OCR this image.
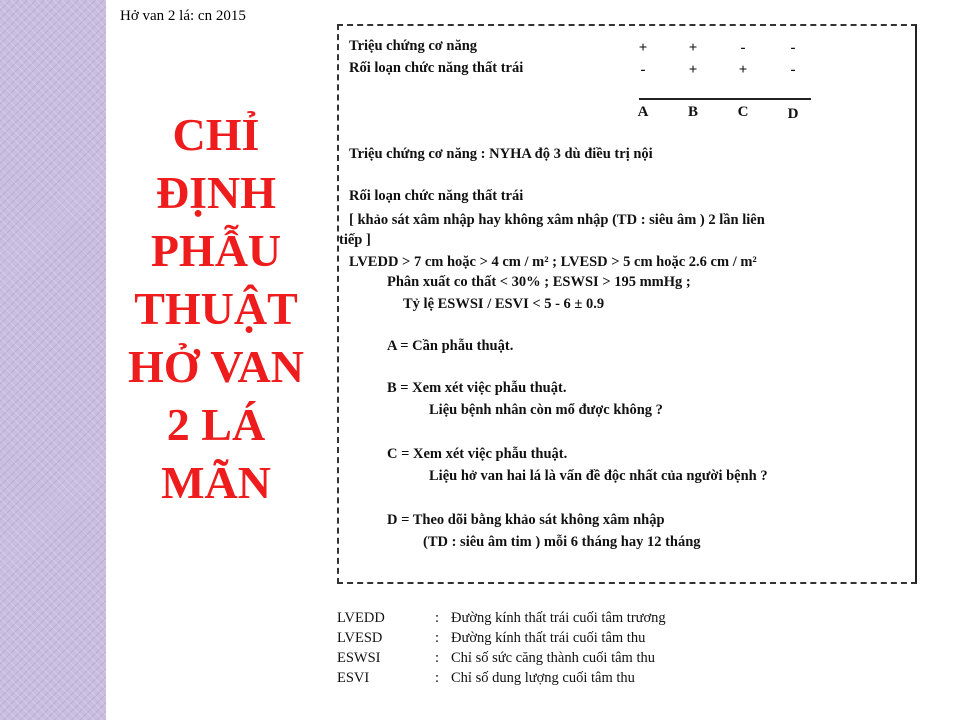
Hở van 2 lá: cn 2015
CHỈ
ĐỊNH
PHẪU
THUẬT
HỞ VAN
2 LÁ
MÃN
Triệu chứng cơ năng
Rối loạn chức năng thất trái
+	+	-	-
-	+	+	-
A	B	C	D
Triệu chứng cơ năng : NYHA độ 3 dù điều trị nội
Rối loạn chức năng thất trái
[ khảo sát xâm nhập hay không xâm nhập (TD : siêu âm ) 2 lần liên
tiếp ]
LVEDD > 7 cm hoặc > 4 cm / m² ; LVESD > 5 cm hoặc 2.6 cm / m²
Phân xuất co thất < 30% ; ESWSI > 195 mmHg ;
Tỷ lệ ESWSI / ESVI < 5 - 6 ± 0.9
A = Cần phẫu thuật.
B = Xem xét việc phẫu thuật.
Liệu bệnh nhân còn mổ được không ?
C = Xem xét việc phẫu thuật.
Liệu hở van hai lá là vấn đề độc nhất của người bệnh ?
D = Theo dõi bằng khảo sát không xâm nhập
(TD : siêu âm tim ) mỗi 6 tháng hay 12 tháng
LVEDD	: Đường kính thất trái cuối tâm trương
LVESD	: Đường kính thất trái cuối tâm thu
ESWSI	: Chỉ số sức căng thành cuối tâm thu
ESVI	: Chỉ số dung lượng cuối tâm thu
